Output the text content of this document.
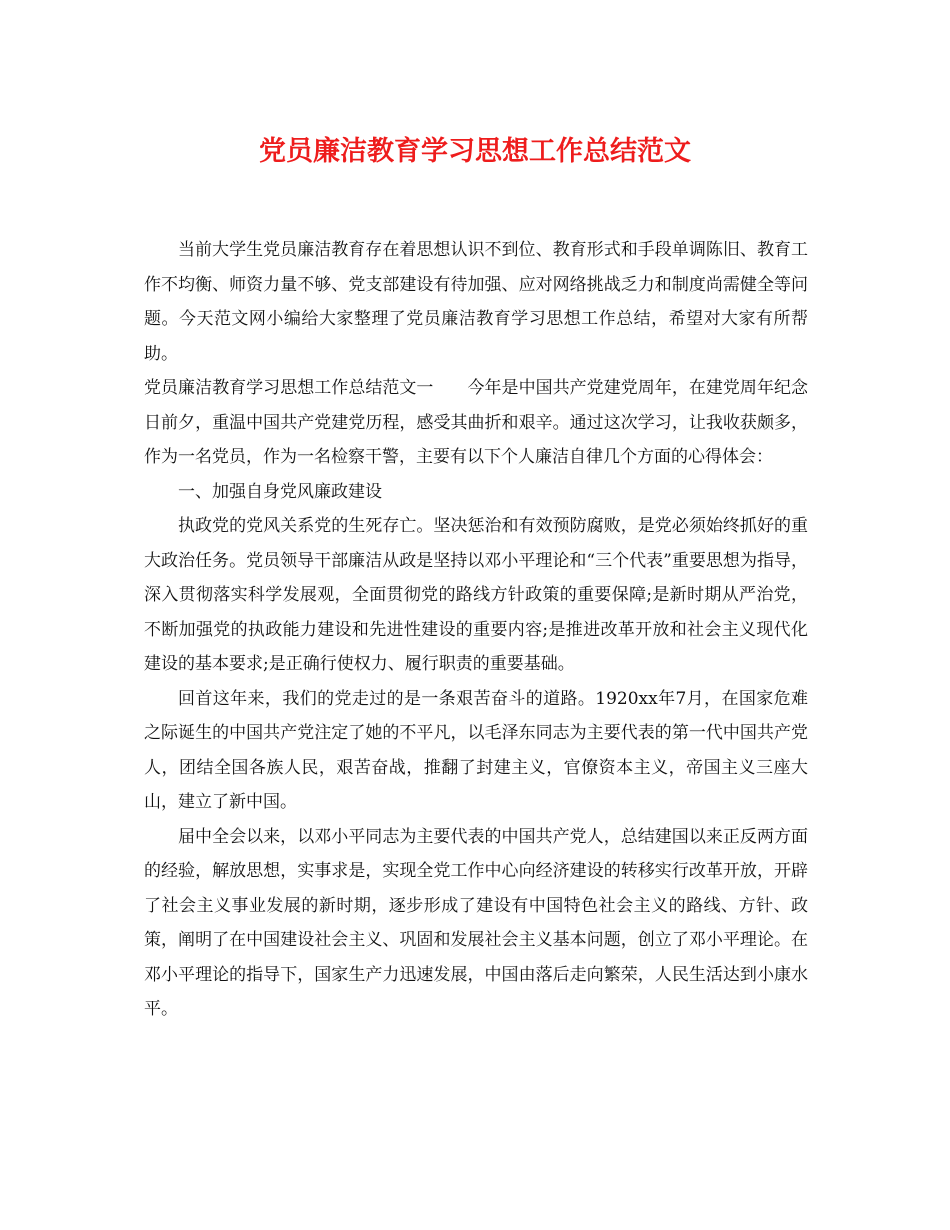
党员廉洁教育学习思想工作总结范文

当前大学生党员廉洁教育存在着思想认识不到位、教育形式和手段单调陈旧、教育工作不均衡、师资力量不够、党支部建设有待加强、应对网络挑战乏力和制度尚需健全等问题。今天范文网小编给大家整理了党员廉洁教育学习思想工作总结，希望对大家有所帮助。

党员廉洁教育学习思想工作总结范文一　　今年是中国共产党建党周年，在建党周年纪念日前夕，重温中国共产党建党历程，感受其曲折和艰辛。通过这次学习，让我收获颇多，作为一名党员，作为一名检察干警，主要有以下个人廉洁自律几个方面的心得体会：

一、加强自身党风廉政建设

执政党的党风关系党的生死存亡。坚决惩治和有效预防腐败，是党必须始终抓好的重大政治任务。党员领导干部廉洁从政是坚持以邓小平理论和“三个代表”重要思想为指导，深入贯彻落实科学发展观，全面贯彻党的路线方针政策的重要保障;是新时期从严治党，不断加强党的执政能力建设和先进性建设的重要内容;是推进改革开放和社会主义现代化建设的基本要求;是正确行使权力、履行职责的重要基础。

回首这年来，我们的党走过的是一条艰苦奋斗的道路。1920xx年7月，在国家危难之际诞生的中国共产党注定了她的不平凡，以毛泽东同志为主要代表的第一代中国共产党人，团结全国各族人民，艰苦奋战，推翻了封建主义，官僚资本主义，帝国主义三座大山，建立了新中国。

届中全会以来，以邓小平同志为主要代表的中国共产党人，总结建国以来正反两方面的经验，解放思想，实事求是，实现全党工作中心向经济建设的转移实行改革开放，开辟了社会主义事业发展的新时期，逐步形成了建设有中国特色社会主义的路线、方针、政策，阐明了在中国建设社会主义、巩固和发展社会主义基本问题，创立了邓小平理论。在邓小平理论的指导下，国家生产力迅速发展，中国由落后走向繁荣，人民生活达到小康水平。
